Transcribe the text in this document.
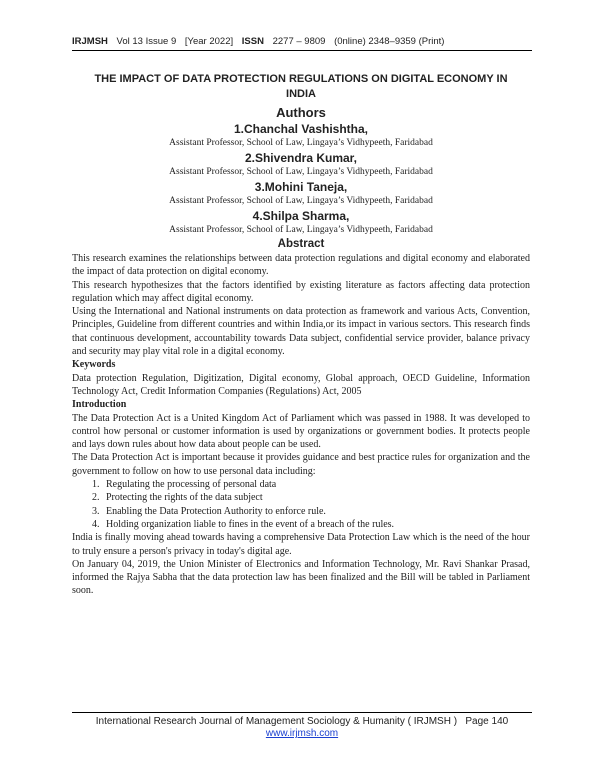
IRJMSH Vol 13 Issue 9 [Year 2022] ISSN 2277 – 9809 (0nline) 2348–9359 (Print)
THE IMPACT OF DATA PROTECTION REGULATIONS ON DIGITAL ECONOMY IN INDIA
Authors
1.Chanchal Vashishtha,
Assistant Professor, School of Law, Lingaya’s Vidhypeeth, Faridabad
2.Shivendra Kumar,
Assistant Professor, School of Law, Lingaya’s Vidhypeeth, Faridabad
3.Mohini Taneja,
Assistant Professor, School of Law, Lingaya’s Vidhypeeth, Faridabad
4.Shilpa Sharma,
Assistant Professor, School of Law, Lingaya’s Vidhypeeth, Faridabad
Abstract
This research examines the relationships between data protection regulations and digital economy and elaborated the impact of data protection on digital economy.
This research hypothesizes that the factors identified by existing literature as factors affecting data protection regulation which may affect digital economy.
Using the International and National instruments on data protection as framework and various Acts, Convention, Principles, Guideline from different countries and within India,or its impact in various sectors. This research finds that continuous development, accountability towards Data subject, confidential service provider, balance privacy and security may play vital role in a digital economy.
Keywords
Data protection Regulation, Digitization, Digital economy, Global approach, OECD Guideline, Information Technology Act, Credit Information Companies (Regulations) Act, 2005
Introduction
The Data Protection Act is a United Kingdom Act of Parliament which was passed in 1988. It was developed to control how personal or customer information is used by organizations or government bodies. It protects people and lays down rules about how data about people can be used.
The Data Protection Act is important because it provides guidance and best practice rules for organization and the government to follow on how to use personal data including:
1. Regulating the processing of personal data
2. Protecting the rights of the data subject
3. Enabling the Data Protection Authority to enforce rule.
4. Holding organization liable to fines in the event of a breach of the rules.
India is finally moving ahead towards having a comprehensive Data Protection Law which is the need of the hour to truly ensure a person's privacy in today's digital age.
On January 04, 2019, the Union Minister of Electronics and Information Technology, Mr. Ravi Shankar Prasad, informed the Rajya Sabha that the data protection law has been finalized and the Bill will be tabled in Parliament soon.
International Research Journal of Management Sociology & Humanity ( IRJMSH ) Page 140
www.irjmsh.com
